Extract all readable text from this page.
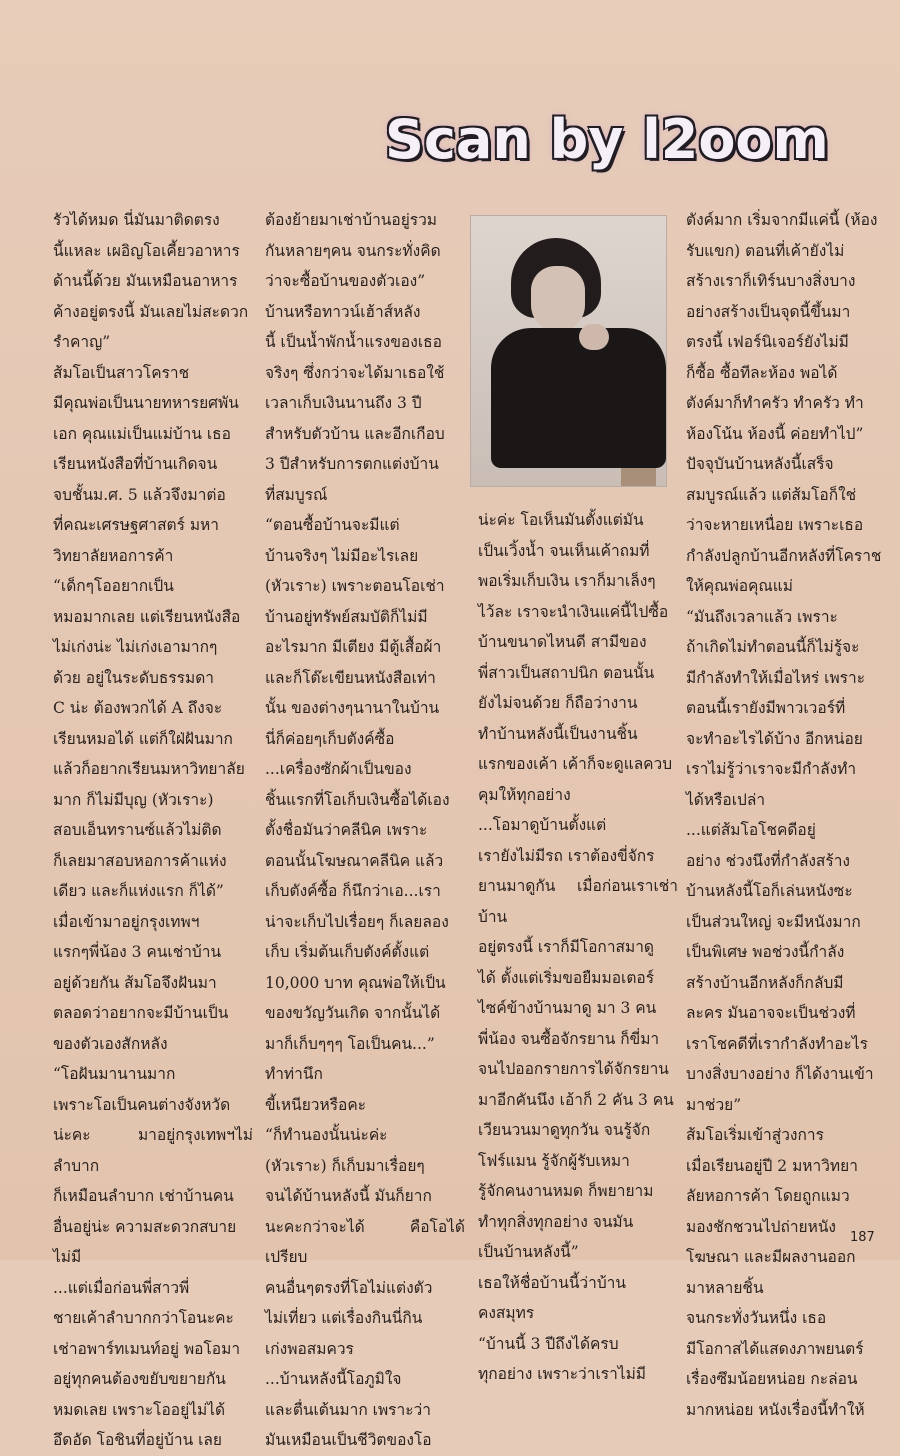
Scan by l2oom
รัวได้หมด นี่มันมาติดตรง
นี้แหละ เผอิญโอเคี้ยวอาหาร
ด้านนี้ด้วย มันเหมือนอาหาร
ค้างอยู่ตรงนี้ มันเลยไม่สะดวก
รำคาญ”
ส้มโอเป็นสาวโคราช
มีคุณพ่อเป็นนายทหารยศพัน
เอก คุณแม่เป็นแม่บ้าน เธอ
เรียนหนังสือที่บ้านเกิดจน
จบชั้นม.ศ. 5 แล้วจึงมาต่อ
ที่คณะเศรษฐศาสตร์ มหา
วิทยาลัยหอการค้า
“เด็กๆโออยากเป็น
หมอมากเลย แต่เรียนหนังสือ
ไม่เก่งน่ะ ไม่เก่งเอามากๆ
ด้วย อยู่ในระดับธรรมดา
C น่ะ ต้องพวกได้ A ถึงจะ
เรียนหมอได้ แต่ก็ใฝ่ฝันมาก
แล้วก็อยากเรียนมหาวิทยาลัย
มาก ก็ไม่มีบุญ (หัวเราะ)
สอบเอ็นทรานซ์แล้วไม่ติด
ก็เลยมาสอบหอการค้าแห่ง
เดียว และก็แห่งแรก ก็ได้”
เมื่อเข้ามาอยู่กรุงเทพฯ
แรกๆพี่น้อง 3 คนเช่าบ้าน
อยู่ด้วยกัน ส้มโอจึงฝันมา
ตลอดว่าอยากจะมีบ้านเป็น
ของตัวเองสักหลัง
“โอฝันมานานมาก
เพราะโอเป็นคนต่างจังหวัด
น่ะคะ มาอยู่กรุงเทพฯไม่ลำบาก
ก็เหมือนลำบาก เช่าบ้านคน
อื่นอยู่น่ะ ความสะดวกสบาย
ไม่มี
...แต่เมื่อก่อนพี่สาวพี่
ชายเค้าลำบากกว่าโอนะคะ
เช่าอพาร์ทเมนท์อยู่ พอโอมา
อยู่ทุกคนต้องขยับขยายกัน
หมดเลย เพราะโออยู่ไม่ได้
อึดอัด โอชินที่อยู่บ้าน เลย
ต้องย้ายมาเช่าบ้านอยู่รวม
กันหลายๆคน จนกระทั่งคิด
ว่าจะซื้อบ้านของตัวเอง”
บ้านหรือทาวน์เฮ้าส์หลัง
นี้ เป็นน้ำพักน้ำแรงของเธอ
จริงๆ ซึ่งกว่าจะได้มาเธอใช้
เวลาเก็บเงินนานถึง 3 ปี
สำหรับตัวบ้าน และอีกเกือบ
3 ปีสำหรับการตกแต่งบ้าน
ที่สมบูรณ์
“ตอนซื้อบ้านจะมีแต่
บ้านจริงๆ ไม่มีอะไรเลย
(หัวเราะ) เพราะตอนโอเช่า
บ้านอยู่ทรัพย์สมบัติก็ไม่มี
อะไรมาก มีเตียง มีตู้เสื้อผ้า
และก็โต๊ะเขียนหนังสือเท่า
นั้น ของต่างๆนานาในบ้าน
นี่ก็ค่อยๆเก็บตังค์ซื้อ
...เครื่องซักผ้าเป็นของ
ชิ้นแรกที่โอเก็บเงินซื้อได้เอง
ตั้งชื่อมันว่าคลีนิค เพราะ
ตอนนั้นโฆษณาคลีนิค แล้ว
เก็บตังค์ซื้อ ก็นึกว่าเอ...เรา
น่าจะเก็บไปเรื่อยๆ ก็เลยลอง
เก็บ เริ่มต้นเก็บตังค์ตั้งแต่
10,000 บาท คุณพ่อให้เป็น
ของขวัญวันเกิด จากนั้นได้
มาก็เก็บๆๆๆ โอเป็นคน...”
ทำท่านึก
ขี้เหนียวหรือคะ
“ก็ทำนองนั้นน่ะค่ะ
(หัวเราะ) ก็เก็บมาเรื่อยๆ
จนได้บ้านหลังนี้ มันก็ยาก
นะคะกว่าจะได้ คือโอได้เปรียบ
คนอื่นๆตรงที่โอไม่แต่งตัว
ไม่เที่ยว แต่เรื่องกินนี่กิน
เก่งพอสมควร
...บ้านหลังนี้โอภูมิใจ
และตื่นเต้นมาก เพราะว่า
มันเหมือนเป็นชีวิตของโอ
น่ะค่ะ โอเห็นมันตั้งแต่มัน
เป็นเวิ้งน้ำ จนเห็นเค้าถมที่
พอเริ่มเก็บเงิน เราก็มาเล็งๆ
ไว้ละ เราจะนำเงินแค่นี้ไปซื้อ
บ้านขนาดไหนดี สามีของ
พี่สาวเป็นสถาปนิก ตอนนั้น
ยังไม่จนด้วย ก็ถือว่างาน
ทำบ้านหลังนี้เป็นงานชิ้น
แรกของเค้า เค้าก็จะดูแลควบ
คุมให้ทุกอย่าง
...โอมาดูบ้านตั้งแต่
เรายังไม่มีรถ เราต้องขี่จักร
ยานมาดูกัน เมื่อก่อนเราเช่าบ้าน
อยู่ตรงนี้ เราก็มีโอกาสมาดู
ได้ ตั้งแต่เริ่มขอยืมมอเตอร์
ไซค์ข้างบ้านมาดู มา 3 คน
พี่น้อง จนซื้อจักรยาน ก็ขี่มา
จนไปออกรายการได้จักรยาน
มาอีกคันนึง เอ้าก็ 2 คัน 3 คน
เวียนวนมาดูทุกวัน จนรู้จัก
โฟร์แมน รู้จักผู้รับเหมา
รู้จักคนงานหมด ก็พยายาม
ทำทุกสิ่งทุกอย่าง จนมัน
เป็นบ้านหลังนี้”
เธอให้ชื่อบ้านนี้ว่าบ้าน
คงสมุทร
“บ้านนี้ 3 ปีถึงได้ครบ
ทุกอย่าง เพราะว่าเราไม่มี
ตังค์มาก เริ่มจากมีแค่นี้ (ห้อง
รับแขก) ตอนที่เค้ายังไม่
สร้างเราก็เทิร์นบางสิ่งบาง
อย่างสร้างเป็นจุดนี้ขึ้นมา
ตรงนี้ เฟอร์นิเจอร์ยังไม่มี
ก็ซื้อ ซื้อทีละห้อง พอได้
ตังค์มาก็ทำครัว ทำครัว ทำ
ห้องโน้น ห้องนี้ ค่อยทำไป”
ปัจจุบันบ้านหลังนี้เสร็จ
สมบูรณ์แล้ว แต่ส้มโอก็ใช่
ว่าจะหายเหนื่อย เพราะเธอ
กำลังปลูกบ้านอีกหลังที่โคราช
ให้คุณพ่อคุณแม่
“มันถึงเวลาแล้ว เพราะ
ถ้าเกิดไม่ทำตอนนี้ก็ไม่รู้จะ
มีกำลังทำให้เมื่อไหร่ เพราะ
ตอนนี้เรายังมีพาวเวอร์ที่
จะทำอะไรได้บ้าง อีกหน่อย
เราไม่รู้ว่าเราจะมีกำลังทำ
ได้หรือเปล่า
...แต่ส้มโอโชคดีอยู่
อย่าง ช่วงนึงที่กำลังสร้าง
บ้านหลังนี้โอก็เล่นหนังซะ
เป็นส่วนใหญ่ จะมีหนังมาก
เป็นพิเศษ พอช่วงนี้กำลัง
สร้างบ้านอีกหลังก็กลับมี
ละคร มันอาจจะเป็นช่วงที่
เราโชคดีที่เรากำลังทำอะไร
บางสิ่งบางอย่าง ก็ได้งานเข้า
มาช่วย”
ส้มโอเริ่มเข้าสู่วงการ
เมื่อเรียนอยู่ปี 2 มหาวิทยา
ลัยหอการค้า โดยถูกแมว
มองชักชวนไปถ่ายหนัง
โฆษณา และมีผลงานออก
มาหลายชิ้น
จนกระทั่งวันหนึ่ง เธอ
มีโอกาสได้แสดงภาพยนตร์
เรื่องซึมน้อยหน่อย กะล่อน
มากหน่อย หนังเรื่องนี้ทำให้
187
